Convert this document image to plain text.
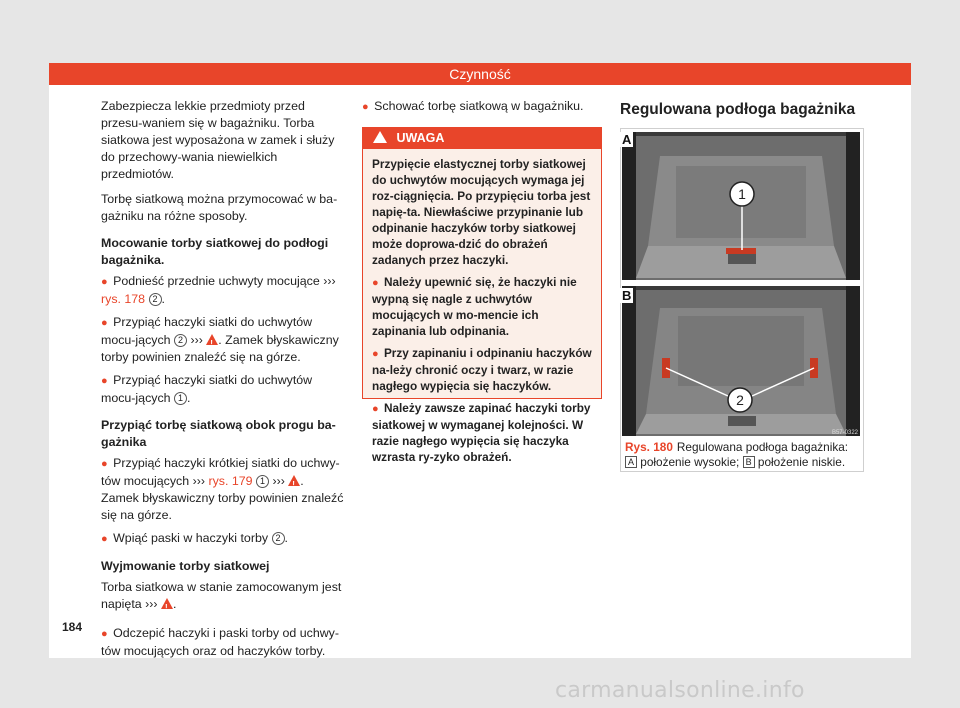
Czynność

Zabezpiecza lekkie przedmioty przed przesu-waniem się w bagażniku. Torba siatkowa jest wyposażona w zamek i służy do przechowy-wania niewielkich przedmiotów.

Torbę siatkową można przymocować w ba-gażniku na różne sposoby.

Mocowanie torby siatkowej do podłogi bagażnika.
● Podnieść przednie uchwyty mocujące ››› rys. 178 2 .
● Przypiąć haczyki siatki do uchwytów mocu-jących 2 ››› ! . Zamek błyskawiczny torby powinien znaleźć się na górze.
● Przypiąć haczyki siatki do uchwytów mocu-jących 1 .
Przypiąć torbę siatkową obok progu ba-gażnika
● Przypiąć haczyki krótkiej siatki do uchwy-tów mocujących ››› rys. 179 1 ››› ! . Zamek błyskawiczny torby powinien znaleźć się na górze.
● Wpiąć paski w haczyki torby 2 .
Wyjmowanie torby siatkowej

Torba siatkowa w stanie zamocowanym jest napięta ››› ! .

● Odczepić haczyki i paski torby od uchwy-tów mocujących oraz od haczyków torby.
● Schować torbę siatkową w bagażniku.
UWAGA

Przypięcie elastycznej torby siatkowej do uchwytów mocujących wymaga jej roz-ciągnięcia. Po przypięciu torba jest napię-ta. Niewłaściwe przypinanie lub odpinanie haczyków torby siatkowej może doprowa-dzić do obrażeń zadanych przez haczyki.

● Należy upewnić się, że haczyki nie wypną się nagle z uchwytów mocujących w mo-mencie ich zapinania lub odpinania.

● Przy zapinaniu i odpinaniu haczyków na-leży chronić oczy i twarz, w razie nagłego wypięcia się haczyków.

● Należy zawsze zapinać haczyki torby siatkowej w wymaganej kolejności. W razie nagłego wypięcia się haczyka wzrasta ry-zyko obrażeń.

Regulowana podłoga bagażnika
1
A
2
B
B57-0322
Rys. 180 Regulowana podłoga bagażnika: A położenie wysokie; B położenie niskie.
184
carmanualsonline.info
